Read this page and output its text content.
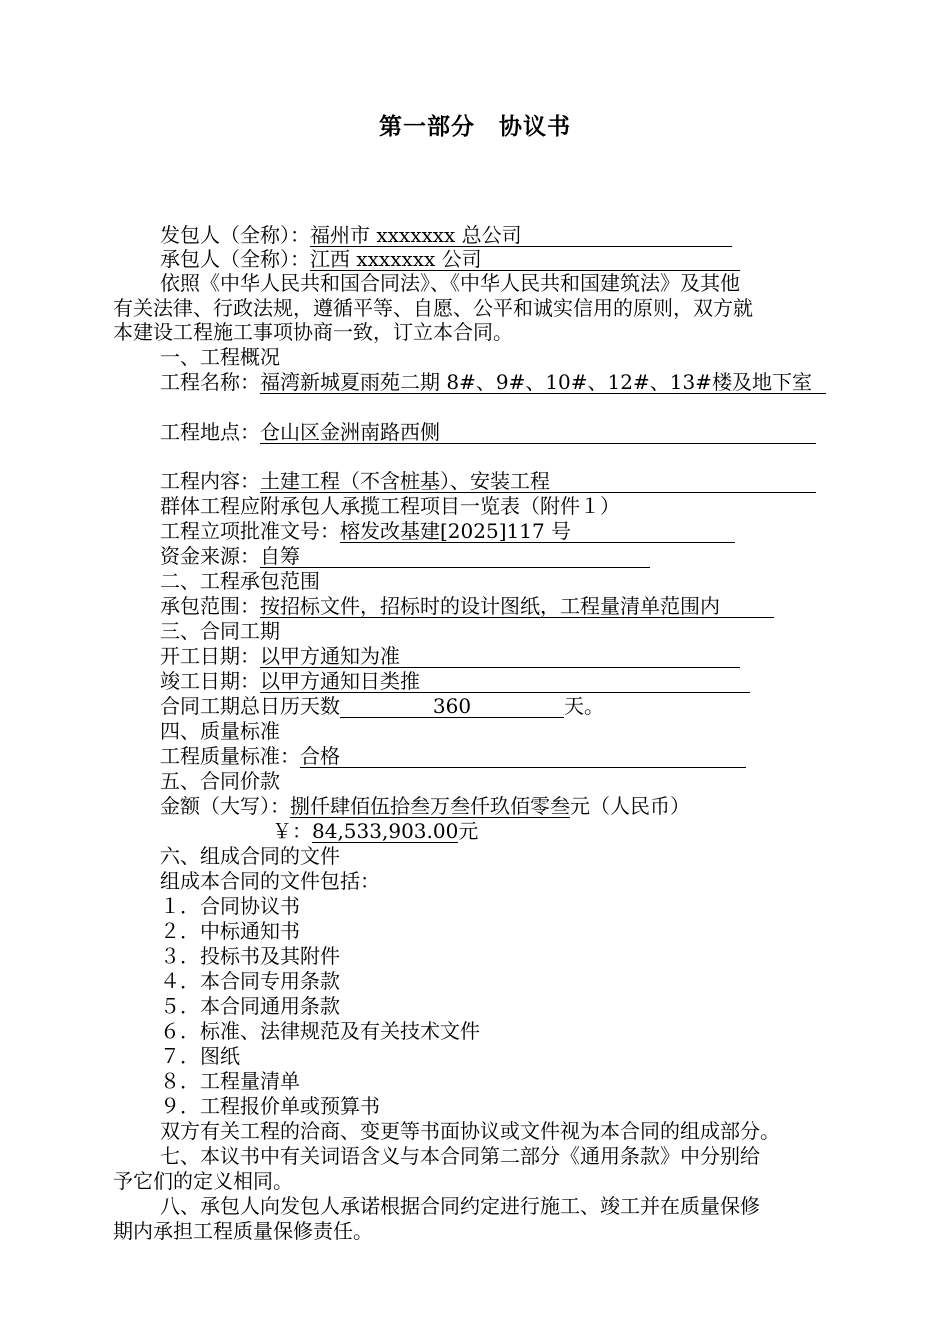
第一部分　协议书
发包人（全称）：福州市 xxxxxxx 总公司
承包人（全称）：江西 xxxxxxx 公司
依照《中华人民共和国合同法》、《中华人民共和国建筑法》及其他
有关法律、行政法规，遵循平等、自愿、公平和诚实信用的原则，双方就
本建设工程施工事项协商一致，订立本合同。
一、工程概况
工程名称：福湾新城夏雨苑二期 8#、9#、10#、12#、13#楼及地下室
工程地点：仓山区金洲南路西侧
工程内容：土建工程（不含桩基）、安装工程
群体工程应附承包人承揽工程项目一览表（附件１）
工程立项批准文号：榕发改基建[2025]117 号
资金来源：自筹
二、工程承包范围
承包范围：按招标文件，招标时的设计图纸，工程量清单范围内
三、合同工期
开工日期：以甲方通知为准
竣工日期：以甲方通知日类推
合同工期总日历天数	360	天。
四、质量标准
工程质量标准：合格
五、合同价款
金额（大写）：捌仟肆佰伍拾叁万叁仟玖佰零叁元（人民币）
￥：84,533,903.00元
六、组成合同的文件
组成本合同的文件包括：
１．合同协议书
２．中标通知书
３．投标书及其附件
４．本合同专用条款
５．本合同通用条款
６．标准、法律规范及有关技术文件
７．图纸
８．工程量清单
９．工程报价单或预算书
双方有关工程的洽商、变更等书面协议或文件视为本合同的组成部分。
七、本议书中有关词语含义与本合同第二部分《通用条款》中分别给
予它们的定义相同。
八、承包人向发包人承诺根据合同约定进行施工、竣工并在质量保修
期内承担工程质量保修责任。
